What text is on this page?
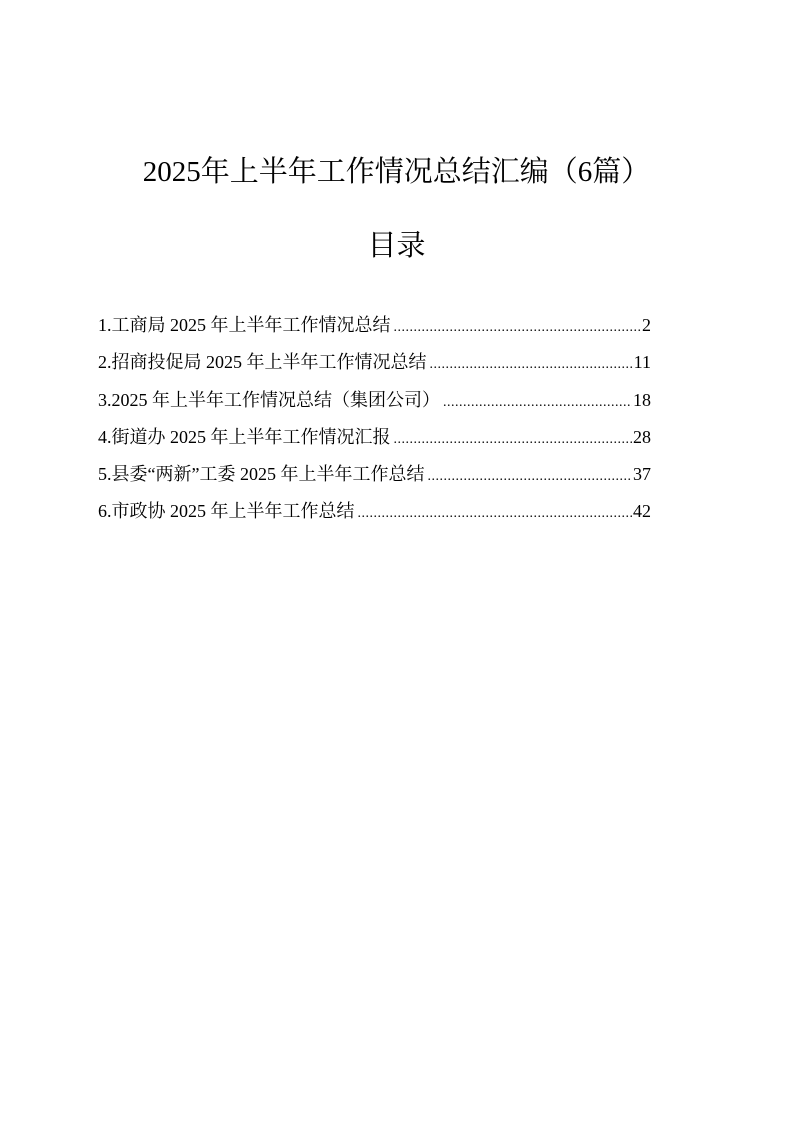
2025年上半年工作情况总结汇编（6篇）
目录
1.工商局 2025 年上半年工作情况总结 .....	2
2.招商投促局 2025 年上半年工作情况总结 .....	11
3.2025 年上半年工作情况总结（集团公司） .....	18
4.街道办 2025 年上半年工作情况汇报 .....	28
5.县委“两新”工委 2025 年上半年工作总结 .....	37
6.市政协 2025 年上半年工作总结 .....	42
